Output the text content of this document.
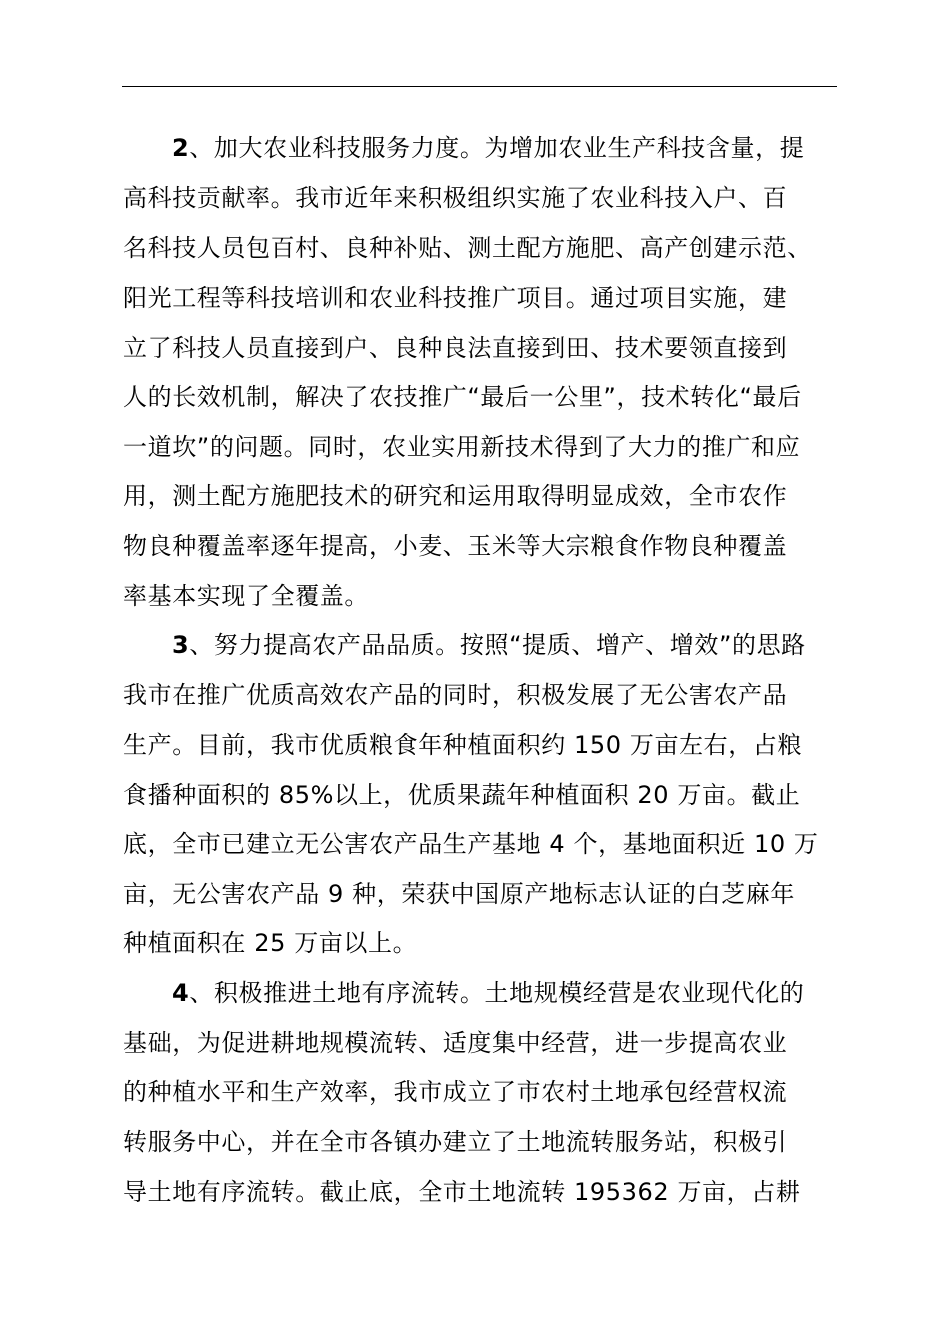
2、加大农业科技服务力度。为增加农业生产科技含量，提

高科技贡献率。我市近年来积极组织实施了农业科技入户、百

名科技人员包百村、良种补贴、测土配方施肥、高产创建示范、

阳光工程等科技培训和农业科技推广项目。通过项目实施，建

立了科技人员直接到户、良种良法直接到田、技术要领直接到

人的长效机制，解决了农技推广“最后一公里”，技术转化“最后

一道坎”的问题。同时，农业实用新技术得到了大力的推广和应

用，测土配方施肥技术的研究和运用取得明显成效，全市农作

物良种覆盖率逐年提高，小麦、玉米等大宗粮食作物良种覆盖

率基本实现了全覆盖。

3、努力提高农产品品质。按照“提质、增产、增效”的思路

我市在推广优质高效农产品的同时，积极发展了无公害农产品

生产。目前，我市优质粮食年种植面积约 150 万亩左右，占粮

食播种面积的 85%以上，优质果蔬年种植面积 20 万亩。截止

底，全市已建立无公害农产品生产基地 4 个，基地面积近 10 万

亩，无公害农产品 9 种，荣获中国原产地标志认证的白芝麻年

种植面积在 25 万亩以上。

4、积极推进土地有序流转。土地规模经营是农业现代化的

基础，为促进耕地规模流转、适度集中经营，进一步提高农业

的种植水平和生产效率，我市成立了市农村土地承包经营权流

转服务中心，并在全市各镇办建立了土地流转服务站，积极引

导土地有序流转。截止底，全市土地流转 195362 万亩，占耕
